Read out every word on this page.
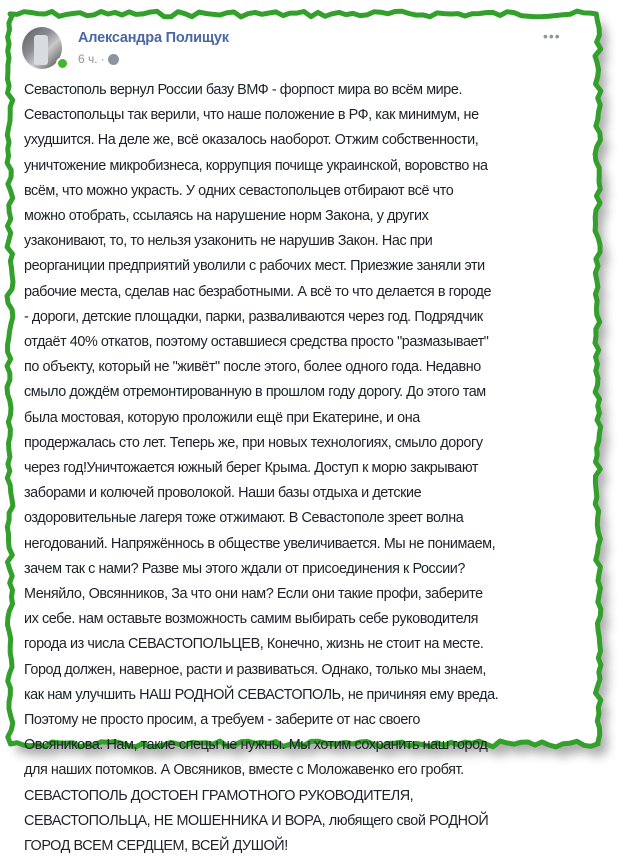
Александра Полищук
6 ч. ·
•••
Севастополь вернул России базу ВМФ - форпост мира во всём мире.
Севастопольцы так верили, что наше положение в РФ, как минимум, не
ухудшится. На деле же, всё оказалось наоборот. Отжим собственности,
уничтожение микробизнеса, коррупция почище украинской, воровство на
всём, что можно украсть. У одних севастопольцев отбирают всё что
можно отобрать, ссылаясь на нарушение норм Закона, у других
узаконивают, то, то нельзя узаконить не нарушив Закон. Нас при
реорганиции предприятий уволили с рабочих мест. Приезжие заняли эти
рабочие места, сделав нас безработными. А всё то что делается в городе
- дороги, детские площадки, парки, разваливаются через год. Подрядчик
отдаёт 40% откатов, поэтому оставшиеся средства просто "размазывает"
по объекту, который не "живёт" после этого, более одного года. Недавно
смыло дождём отремонтированную в прошлом году дорогу. До этого там
была мостовая, которую проложили ещё при Екатерине, и она
продержалась сто лет. Теперь же, при новых технологиях, смыло дорогу
через год!Уничтожается южный берег Крыма. Доступ к морю закрывают
заборами и колючей проволокой. Наши базы отдыха и детские
оздоровительные лагеря тоже отжимают. В Севастополе зреет волна
негодований. Напряжённось в обществе увеличивается. Мы не понимаем,
зачем так с нами? Разве мы этого ждали от присоединения к России?
Меняйло, Овсянников, За что они нам? Если они такие профи, заберите
их себе. нам оставьте возможность самим выбирать себе руководителя
города из числа СЕВАСТОПОЛЬЦЕВ, Конечно, жизнь не стоит на месте.
Город должен, наверное, расти и развиваться. Однако, только мы знаем,
как нам улучшить НАШ РОДНОЙ СЕВАСТОПОЛЬ, не причиняя ему вреда.
Поэтому не просто просим, а требуем - заберите от нас своего
Овсяникова. Нам, такие спецы не нужны. Мы хотим сохранить наш город
для наших потомков. А Овсяников, вместе с Моложавенко его гробят.
СЕВАСТОПОЛЬ ДОСТОЕН ГРАМОТНОГО РУКОВОДИТЕЛЯ,
СЕВАСТОПОЛЬЦА, НЕ МОШЕННИКА И ВОРА, любящего свой РОДНОЙ
ГОРОД ВСЕМ СЕРДЦЕМ, ВСЕЙ ДУШОЙ!
